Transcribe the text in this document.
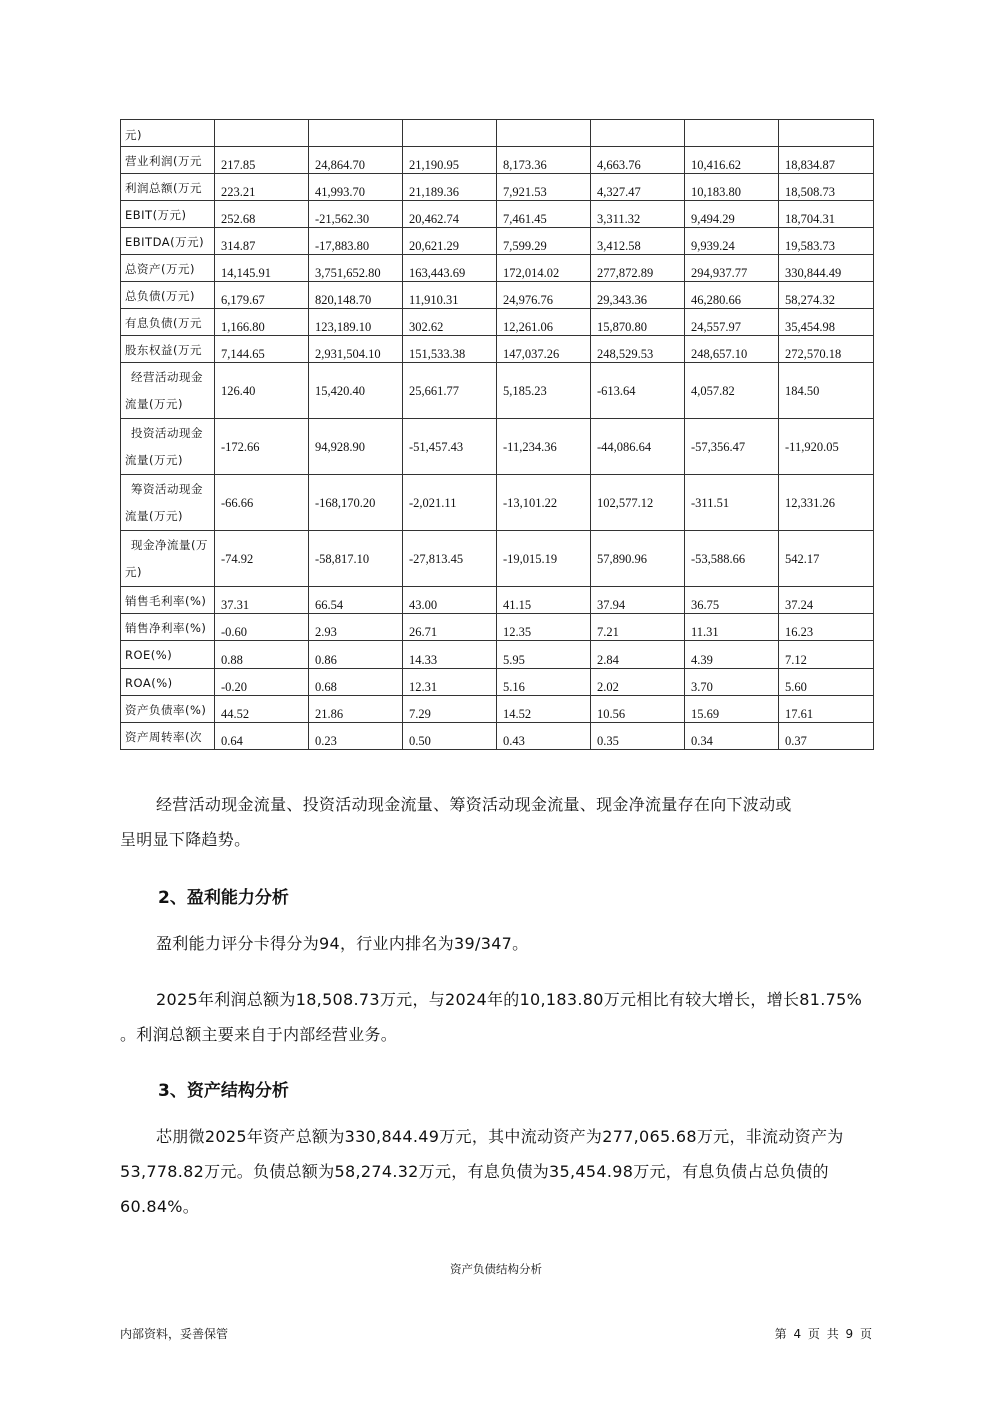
元)							
营业利润(万元	217.85	24,864.70	21,190.95	8,173.36	4,663.76	10,416.62	18,834.87
利润总额(万元	223.21	41,993.70	21,189.36	7,921.53	4,327.47	10,183.80	18,508.73
EBIT(万元)	252.68	-21,562.30	20,462.74	7,461.45	3,311.32	9,494.29	18,704.31
EBITDA(万元)	314.87	-17,883.80	20,621.29	7,599.29	3,412.58	9,939.24	19,583.73
总资产(万元)	14,145.91	3,751,652.80	163,443.69	172,014.02	277,872.89	294,937.77	330,844.49
总负债(万元)	6,179.67	820,148.70	11,910.31	24,976.76	29,343.36	46,280.66	58,274.32
有息负债(万元	1,166.80	123,189.10	302.62	12,261.06	15,870.80	24,557.97	35,454.98
股东权益(万元	7,144.65	2,931,504.10	151,533.38	147,037.26	248,529.53	248,657.10	272,570.18

经营活动现金
流量(万元)	126.40	15,420.40	25,661.77	5,185.23	-613.64	4,057.82	184.50

投资活动现金
流量(万元)	-172.66	94,928.90	-51,457.43	-11,234.36	-44,086.64	-57,356.47	-11,920.05

筹资活动现金
流量(万元)	-66.66	-168,170.20	-2,021.11	-13,101.22	102,577.12	-311.51	12,331.26

现金净流量(万
元)	-74.92	-58,817.10	-27,813.45	-19,015.19	57,890.96	-53,588.66	542.17
销售毛利率(%)	37.31	66.54	43.00	41.15	37.94	36.75	37.24
销售净利率(%)	-0.60	2.93	26.71	12.35	7.21	11.31	16.23
ROE(%)	0.88	0.86	14.33	5.95	2.84	4.39	7.12
ROA(%)	-0.20	0.68	12.31	5.16	2.02	3.70	5.60
资产负债率(%)	44.52	21.86	7.29	14.52	10.56	15.69	17.61
资产周转率(次	0.64	0.23	0.50	0.43	0.35	0.34	0.37
经营活动现金流量、投资活动现金流量、筹资活动现金流量、现金净流量存在向下波动或
呈明显下降趋势。
2、盈利能力分析
盈利能力评分卡得分为94，行业内排名为39/347。
2025年利润总额为18,508.73万元，与2024年的10,183.80万元相比有较大增长，增长81.75%
。利润总额主要来自于内部经营业务。
3、资产结构分析
芯朋微2025年资产总额为330,844.49万元，其中流动资产为277,065.68万元，非流动资产为
53,778.82万元。负债总额为58,274.32万元，有息负债为35,454.98万元，有息负债占总负债的
60.84%。
资产负债结构分析
内部资料，妥善保管	第 4 页 共 9 页
